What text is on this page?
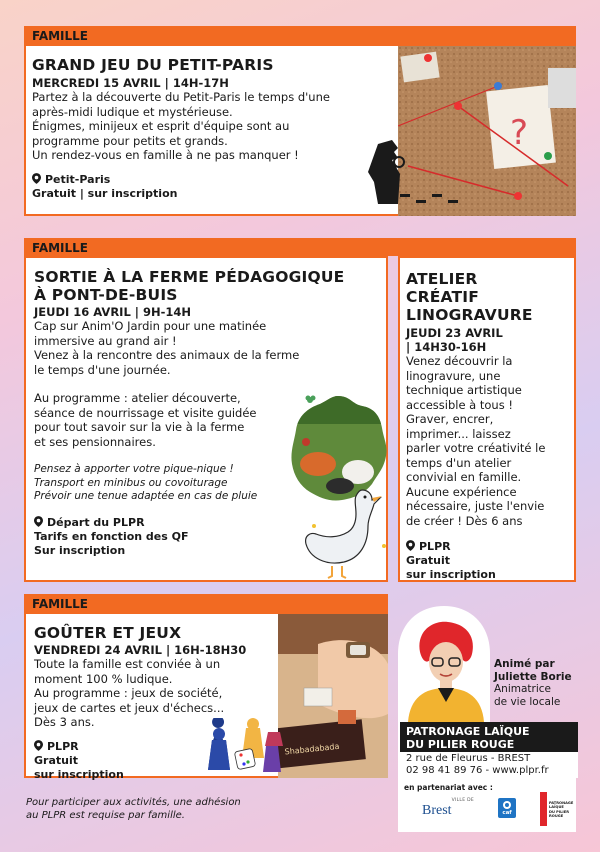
FAMILLE
GRAND JEU DU PETIT-PARIS
MERCREDI 15 AVRIL | 14H-17H
Partez à la découverte du Petit-Paris le temps d'une
après-midi ludique et mystérieuse.
Énigmes, minijeux et esprit d'équipe sont au
programme pour petits et grands.
Un rendez-vous en famille à ne pas manquer !
Petit-Paris
Gratuit | sur inscription
?
FAMILLE
SORTIE À LA FERME PÉDAGOGIQUE
À PONT-DE-BUIS
JEUDI 16 AVRIL | 9H-14H
Cap sur Anim'O Jardin pour une matinée
immersive au grand air !
Venez à la rencontre des animaux de la ferme
le temps d'une journée.
Au programme : atelier découverte,
séance de nourrissage et visite guidée
pour tout savoir sur la vie à la ferme
et ses pensionnaires.
Pensez à apporter votre pique-nique !
Transport en minibus ou covoiturage
Prévoir une tenue adaptée en cas de pluie
Départ du PLPR
Tarifs en fonction des QF
Sur inscription
ATELIER
CRÉATIF
LINOGRAVURE
JEUDI 23 AVRIL
| 14H30-16H
Venez découvrir la
linogravure, une
technique artistique
accessible à tous !
Graver, encrer,
imprimer... laissez
parler votre créativité le
temps d'un atelier
convivial en famille.
Aucune expérience
nécessaire, juste l'envie
de créer ! Dès 6 ans
PLPR
Gratuit
sur inscription
FAMILLE
GOÛTER ET JEUX
VENDREDI 24 AVRIL | 16H-18H30
Toute la famille est conviée à un
moment 100 % ludique.
Au programme : jeux de société,
jeux de cartes et jeux d'échecs...
Dès 3 ans.
PLPR
Gratuit
sur inscription
Shabadabada
Animé par
Juliette Borie
Animatrice
de vie locale
PATRONAGE LAÏQUE
DU PILIER ROUGE
2 rue de Fleurus - BREST
02 98 41 89 76 - www.plpr.fr
Pour participer aux activités, une adhésion
au PLPR est requise par famille.
en partenariat avec :
VILLE DE
Brest	caf
PATRONAGE
LAÏQUE
DU PILIER
ROUGE
